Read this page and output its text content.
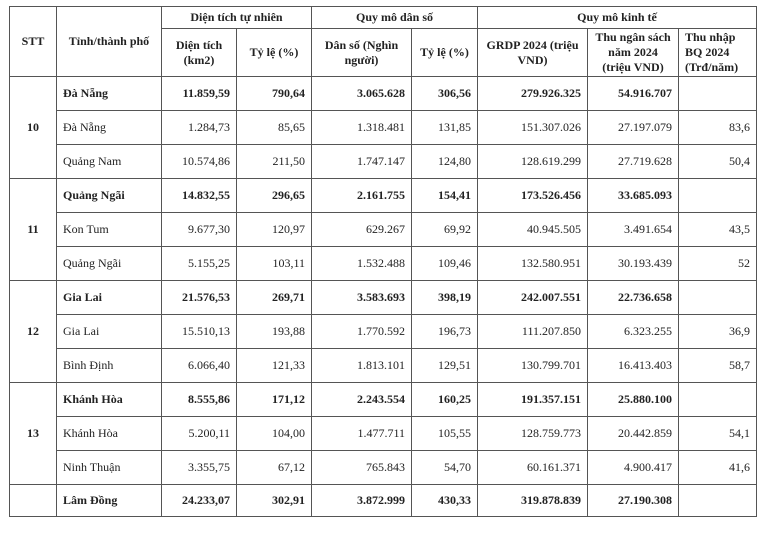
STT	Tỉnh/thành phố	Diện tích tự nhiên		Quy mô dân số		Quy mô kinh tế		
		Diện tích (km2)	Tỷ lệ (%)	Dân số (Nghìn người)	Tỷ lệ (%)	GRDP 2024 (triệu VND)	Thu ngân sách năm 2024 (triệu VND)	Thu nhập BQ 2024 (Trđ/năm)
10	Đà Nẵng	11.859,59	790,64	3.065.628	306,56	279.926.325	54.916.707	
	Đà Nẵng	1.284,73	85,65	1.318.481	131,85	151.307.026	27.197.079	83,6
	Quảng Nam	10.574,86	211,50	1.747.147	124,80	128.619.299	27.719.628	50,4
11	Quảng Ngãi	14.832,55	296,65	2.161.755	154,41	173.526.456	33.685.093	
	Kon Tum	9.677,30	120,97	629.267	69,92	40.945.505	3.491.654	43,5
	Quảng Ngãi	5.155,25	103,11	1.532.488	109,46	132.580.951	30.193.439	52
12	Gia Lai	21.576,53	269,71	3.583.693	398,19	242.007.551	22.736.658	
	Gia Lai	15.510,13	193,88	1.770.592	196,73	111.207.850	6.323.255	36,9
	Bình Định	6.066,40	121,33	1.813.101	129,51	130.799.701	16.413.403	58,7
13	Khánh Hòa	8.555,86	171,12	2.243.554	160,25	191.357.151	25.880.100	
	Khánh Hòa	5.200,11	104,00	1.477.711	105,55	128.759.773	20.442.859	54,1
	Ninh Thuận	3.355,75	67,12	765.843	54,70	60.161.371	4.900.417	41,6
	Lâm Đồng	24.233,07	302,91	3.872.999	430,33	319.878.839	27.190.308	
